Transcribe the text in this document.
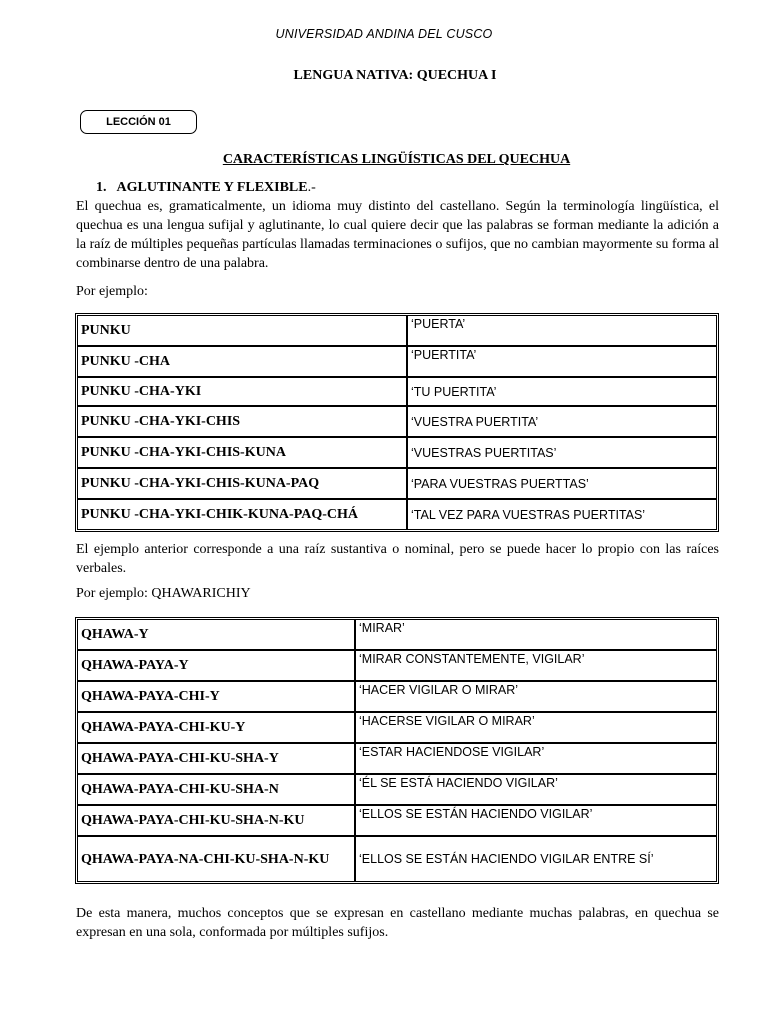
UNIVERSIDAD ANDINA DEL CUSCO
LENGUA NATIVA: QUECHUA I
LECCIÓN 01
CARACTERÍSTICAS LINGÜÍSTICAS DEL QUECHUA
1. AGLUTINANTE Y FLEXIBLE.-
El quechua es, gramaticalmente, un idioma muy distinto del castellano. Según la terminología lingüística, el quechua es una lengua sufijal y aglutinante, lo cual quiere decir que las palabras se forman mediante la adición a la raíz de múltiples pequeñas partículas llamadas terminaciones o sufijos, que no cambian mayormente su forma al combinarse dentro de una palabra.
Por ejemplo:
PUNKU	‘PUERTA’
PUNKU -CHA	‘PUERTITA’
PUNKU -CHA-YKI	‘TU PUERTITA’
PUNKU -CHA-YKI-CHIS	‘VUESTRA PUERTITA’
PUNKU -CHA-YKI-CHIS-KUNA	‘VUESTRAS PUERTITAS’
PUNKU -CHA-YKI-CHIS-KUNA-PAQ	‘PARA VUESTRAS PUERTTAS’
PUNKU -CHA-YKI-CHIK-KUNA-PAQ-CHÁ	‘TAL VEZ PARA VUESTRAS PUERTITAS’
El ejemplo anterior corresponde a una raíz sustantiva o nominal, pero se puede hacer lo propio con las raíces verbales.
Por ejemplo: QHAWARICHIY
QHAWA-Y	‘MIRAR’
QHAWA-PAYA-Y	‘MIRAR CONSTANTEMENTE, VIGILAR’
QHAWA-PAYA-CHI-Y	‘HACER VIGILAR O MIRAR’
QHAWA-PAYA-CHI-KU-Y	‘HACERSE VIGILAR O MIRAR’
QHAWA-PAYA-CHI-KU-SHA-Y	‘ESTAR HACIENDOSE VIGILAR’
QHAWA-PAYA-CHI-KU-SHA-N	‘ÉL SE ESTÁ HACIENDO VIGILAR’
QHAWA-PAYA-CHI-KU-SHA-N-KU	‘ELLOS SE ESTÁN HACIENDO VIGILAR’
QHAWA-PAYA-NA-CHI-KU-SHA-N-KU	‘ELLOS SE ESTÁN HACIENDO VIGILAR ENTRE SÍ’
De esta manera, muchos conceptos que se expresan en castellano mediante muchas palabras, en quechua se expresan en una sola, conformada por múltiples sufijos.
